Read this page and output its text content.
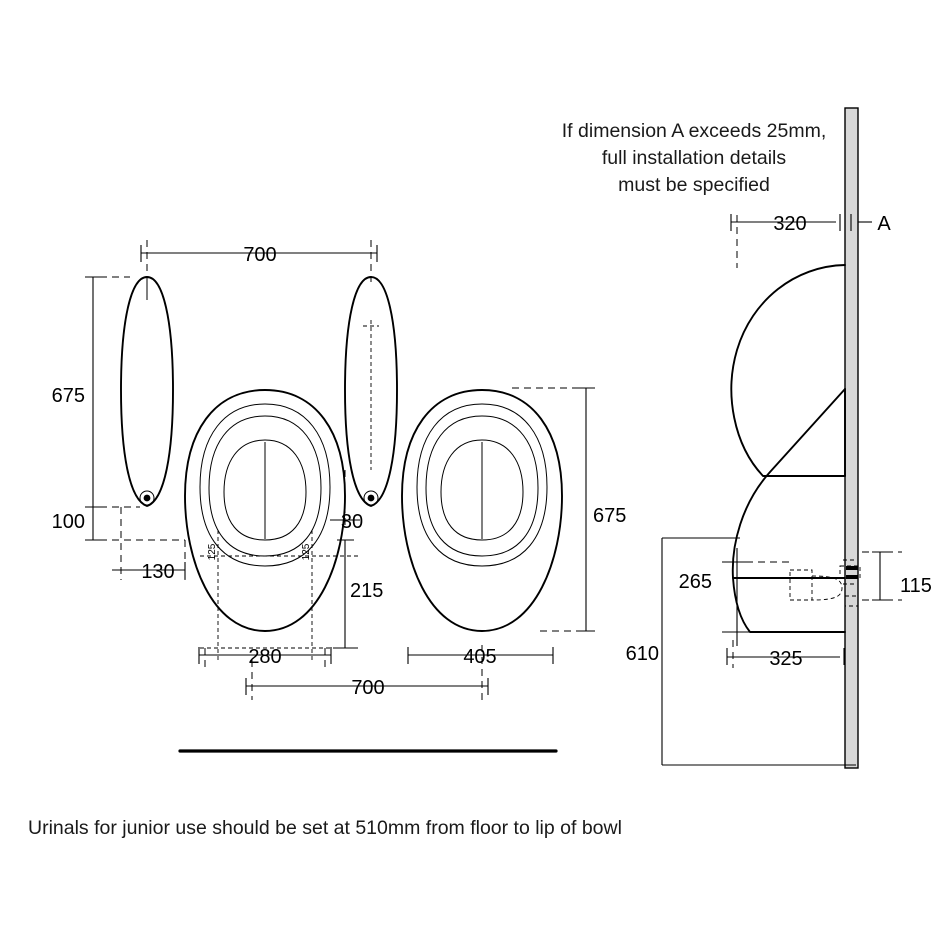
If dimension A exceeds 25mm,
full installation details
must be specified
320	A
115
265
610	325
700
675
100
130
30
125	125
215
280	405
700
675
Urinals for junior use should be set at 510mm from floor to lip of bowl
